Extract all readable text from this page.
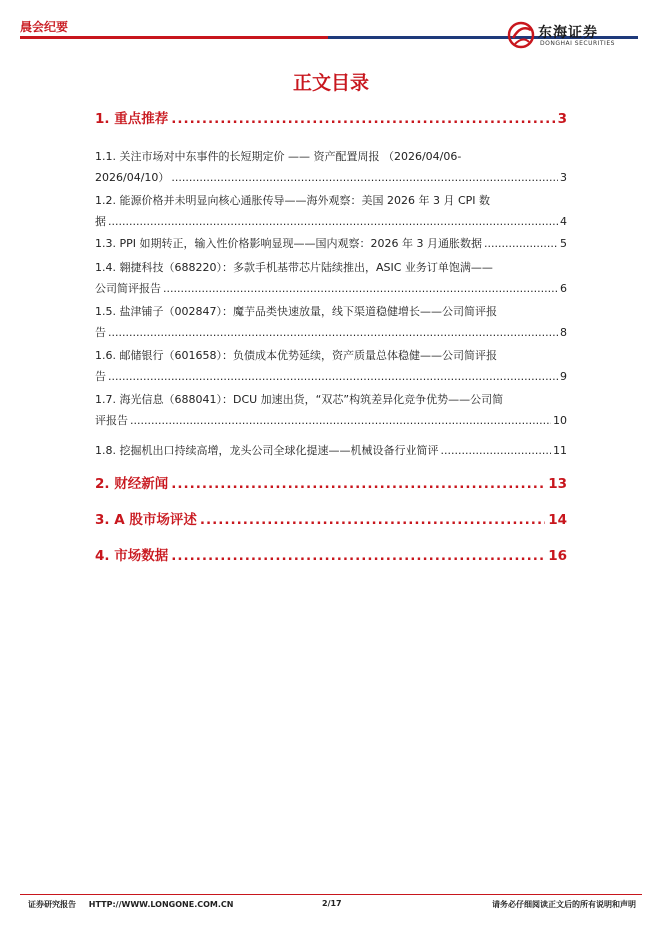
晨会纪要	东海证券
DONGHAI SECURITIES
正文目录
1. 重点推荐 .....	3
1.1. 关注市场对中东事件的长短期定价 —— 资产配置周报 （2026/04/06-
2026/04/10） .....	3
1.2. 能源价格并未明显向核心通胀传导——海外观察：美国 2026 年 3 月 CPI 数
据 .....	4
1.3. PPI 如期转正，输入性价格影响显现——国内观察：2026 年 3 月通胀数据 .....	5
1.4. 翱捷科技（688220）：多款手机基带芯片陆续推出，ASIC 业务订单饱满——
公司简评报告 .....	6
1.5. 盐津铺子（002847）：魔芋品类快速放量，线下渠道稳健增长——公司简评报
告 .....	8
1.6. 邮储银行（601658）：负债成本优势延续，资产质量总体稳健——公司简评报
告 .....	9
1.7. 海光信息（688041）：DCU 加速出货，“双芯”构筑差异化竞争优势——公司简
评报告 .....	10
1.8. 挖掘机出口持续高增，龙头公司全球化提速——机械设备行业简评 .....	11
2. 财经新闻 .....	13
3. A 股市场评述 .....	14
4. 市场数据 .....	16
证券研究报告 HTTP://WWW.LONGONE.COM.CN	2/17	请务必仔细阅读正文后的所有说明和声明
